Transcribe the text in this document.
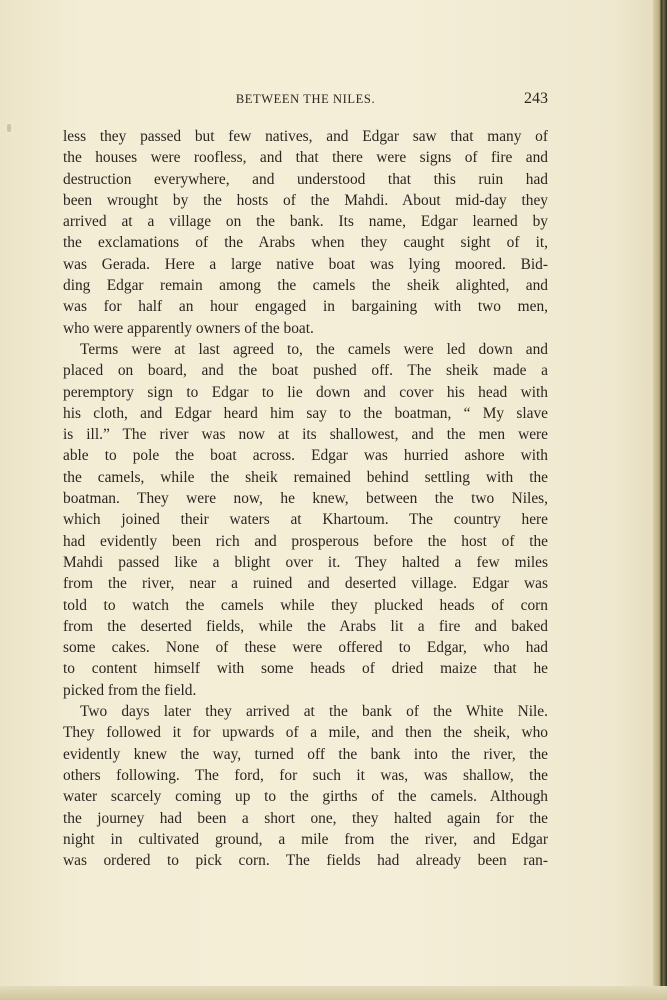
BETWEEN THE NILES.	243
less they passed but few natives, and Edgar saw that many of
the houses were roofless, and that there were signs of fire and
destruction everywhere, and understood that this ruin had
been wrought by the hosts of the Mahdi. About mid-day they
arrived at a village on the bank. Its name, Edgar learned by
the exclamations of the Arabs when they caught sight of it,
was Gerada. Here a large native boat was lying moored. Bid-
ding Edgar remain among the camels the sheik alighted, and
was for half an hour engaged in bargaining with two men,
who were apparently owners of the boat.
Terms were at last agreed to, the camels were led down and
placed on board, and the boat pushed off. The sheik made a
peremptory sign to Edgar to lie down and cover his head with
his cloth, and Edgar heard him say to the boatman, “ My slave
is ill.” The river was now at its shallowest, and the men were
able to pole the boat across. Edgar was hurried ashore with
the camels, while the sheik remained behind settling with the
boatman. They were now, he knew, between the two Niles,
which joined their waters at Khartoum. The country here
had evidently been rich and prosperous before the host of the
Mahdi passed like a blight over it. They halted a few miles
from the river, near a ruined and deserted village. Edgar was
told to watch the camels while they plucked heads of corn
from the deserted fields, while the Arabs lit a fire and baked
some cakes. None of these were offered to Edgar, who had
to content himself with some heads of dried maize that he
picked from the field.
Two days later they arrived at the bank of the White Nile.
They followed it for upwards of a mile, and then the sheik, who
evidently knew the way, turned off the bank into the river, the
others following. The ford, for such it was, was shallow, the
water scarcely coming up to the girths of the camels. Although
the journey had been a short one, they halted again for the
night in cultivated ground, a mile from the river, and Edgar
was ordered to pick corn. The fields had already been ran-
